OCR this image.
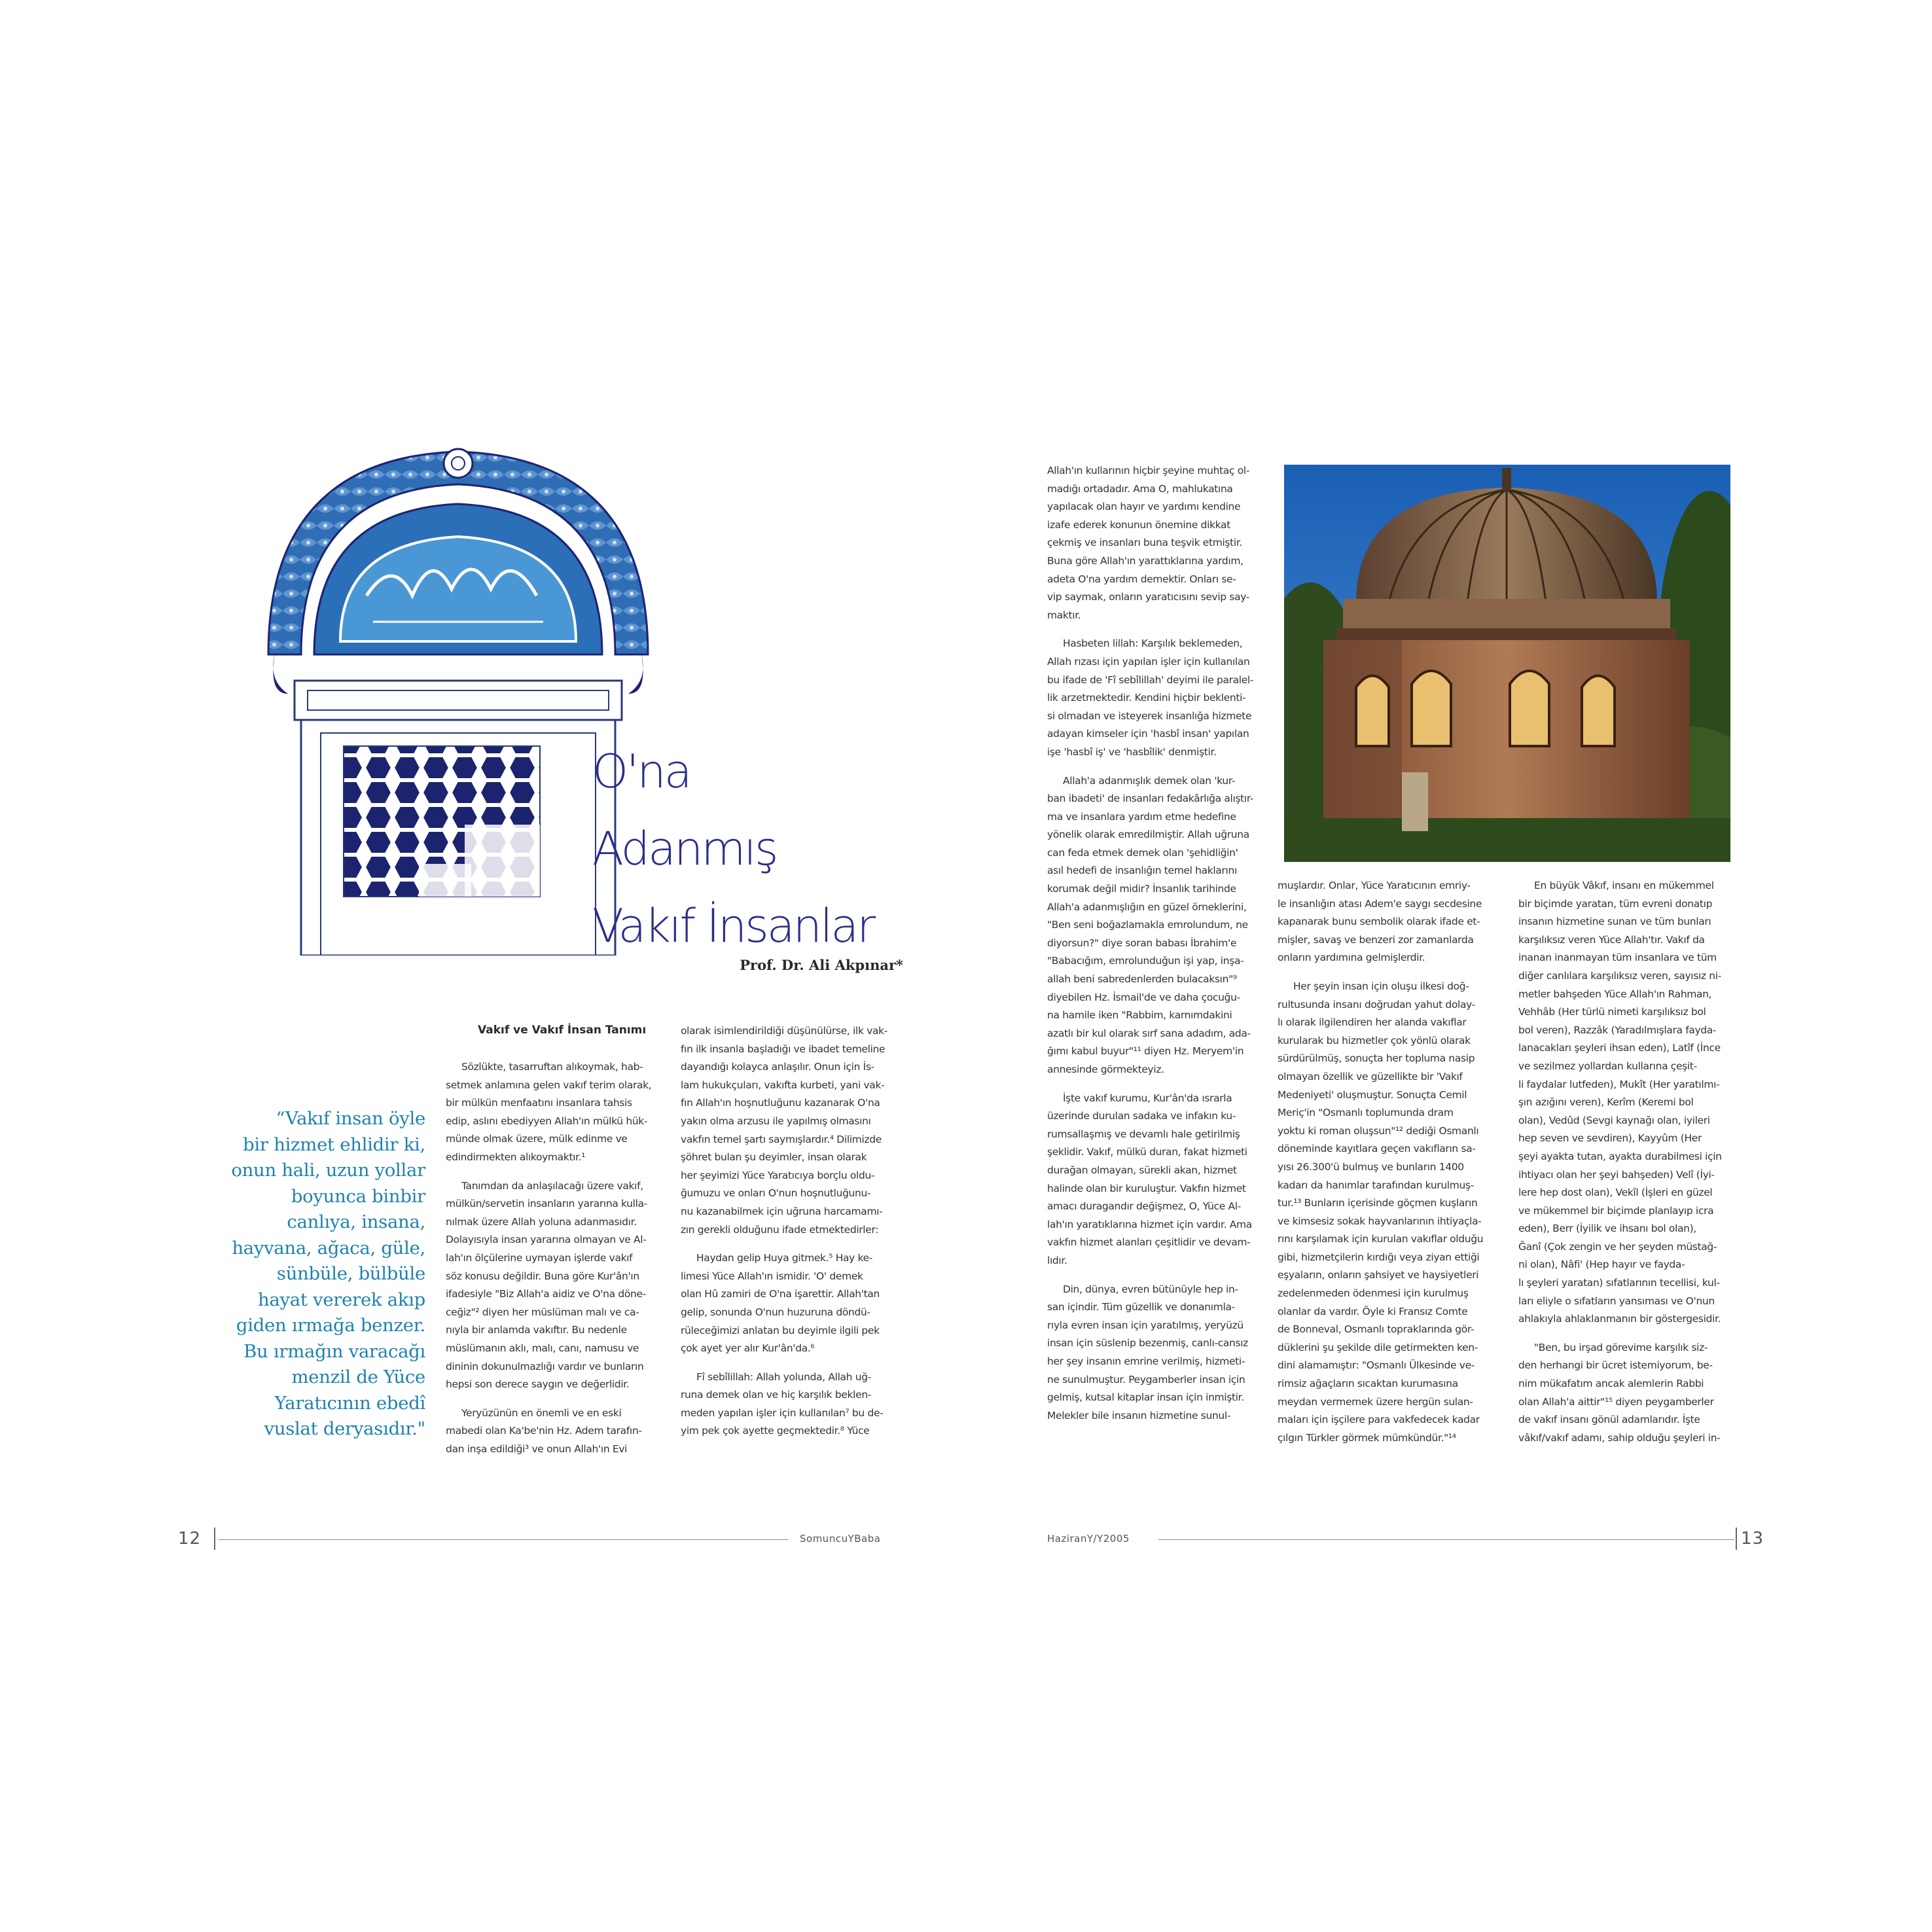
O'na
Adanmış
Vakıf İnsanlar
Prof. Dr. Ali Akpınar*
“Vakıf insan öyle
bir hizmet ehlidir ki,
onun hali, uzun yollar
boyunca binbir
canlıya, insana,
hayvana, ağaca, güle,
sünbüle, bülbüle
hayat vererek akıp
giden ırmağa benzer.
Bu ırmağın varacağı
menzil de Yüce
Yaratıcının ebedî
vuslat deryasıdır."
Vakıf ve Vakıf İnsan Tanımı
Sözlükte, tasarruftan alıkoymak, hab-
setmek anlamına gelen vakıf terim olarak,
bir mülkün menfaatını insanlara tahsis
edip, aslını ebediyyen Allah'ın mülkü hük-
münde olmak üzere, mülk edinme ve
edindirmekten alıkoymaktır.¹
Tanımdan da anlaşılacağı üzere vakıf,
mülkün/servetin insanların yararına kulla-
nılmak üzere Allah yoluna adanmasıdır.
Dolayısıyla insan yararına olmayan ve Al-
lah'ın ölçülerine uymayan işlerde vakıf
söz konusu değildir. Buna göre Kur'ân'ın
ifadesiyle "Biz Allah'a aidiz ve O'na döne-
ceğiz"² diyen her müslüman malı ve ca-
nıyla bir anlamda vakıftır. Bu nedenle
müslümanın aklı, malı, canı, namusu ve
dininin dokunulmazlığı vardır ve bunların
hepsi son derece saygın ve değerlidir.
Yeryüzünün en önemli ve en eski
mabedi olan Ka'be'nin Hz. Adem tarafın-
dan inşa edildiği³ ve onun Allah'ın Evi
olarak isimlendirildiği düşünülürse, ilk vak-
fın ilk insanla başladığı ve ibadet temeline
dayandığı kolayca anlaşılır. Onun için İs-
lam hukukçuları, vakıfta kurbeti, yani vak-
fın Allah'ın hoşnutluğunu kazanarak O'na
yakın olma arzusu ile yapılmış olmasını
vakfın temel şartı saymışlardır.⁴ Dilimizde
şöhret bulan şu deyimler, insan olarak
her şeyimizi Yüce Yaratıcıya borçlu oldu-
ğumuzu ve onları O'nun hoşnutluğunu-
nu kazanabilmek için uğruna harcamamı-
zın gerekli olduğunu ifade etmektedirler:
Haydan gelip Huya gitmek.⁵ Hay ke-
limesi Yüce Allah'ın ismidir. 'O' demek
olan Hû zamiri de O'na işarettir. Allah'tan
gelip, sonunda O'nun huzuruna döndü-
rüleceğimizi anlatan bu deyimle ilgili pek
çok ayet yer alır Kur'ân'da.⁶
Fî sebîlillah: Allah yolunda, Allah uğ-
runa demek olan ve hiç karşılık beklen-
meden yapılan işler için kullanılan⁷ bu de-
yim pek çok ayette geçmektedir.⁸ Yüce
Allah'ın kullarının hiçbir şeyine muhtaç ol-
madığı ortadadır. Ama O, mahlukatına
yapılacak olan hayır ve yardımı kendine
izafe ederek konunun önemine dikkat
çekmiş ve insanları buna teşvik etmiştir.
Buna göre Allah'ın yarattıklarına yardım,
adeta O'na yardım demektir. Onları se-
vip saymak, onların yaratıcısını sevip say-
maktır.
Hasbeten lillah: Karşılık beklemeden,
Allah rızası için yapılan işler için kullanılan
bu ifade de 'Fî sebîlillah' deyimi ile paralel-
lik arzetmektedir. Kendini hiçbir beklenti-
si olmadan ve isteyerek insanlığa hizmete
adayan kimseler için 'hasbî insan' yapılan
işe 'hasbî iş' ve 'hasbîlik' denmiştir.
Allah'a adanmışlık demek olan 'kur-
ban ibadeti' de insanları fedakârlığa alıştır-
ma ve insanlara yardım etme hedefine
yönelik olarak emredilmiştir. Allah uğruna
can feda etmek demek olan 'şehidliğin'
asıl hedefi de insanlığın temel haklarını
korumak değil midir? İnsanlık tarihinde
Allah'a adanmışlığın en güzel örneklerini,
"Ben seni boğazlamakla emrolundum, ne
diyorsun?" diye soran babası İbrahim'e
"Babacığım, emrolunduğun işi yap, inşa-
allah beni sabredenlerden bulacaksın"⁹
diyebilen Hz. İsmail'de ve daha çocuğu-
na hamile iken "Rabbim, karnımdakini
azatlı bir kul olarak sırf sana adadım, ada-
ğımı kabul buyur"¹¹ diyen Hz. Meryem'in
annesinde görmekteyiz.
İşte vakıf kurumu, Kur'ân'da ısrarla
üzerinde durulan sadaka ve infakın ku-
rumsallaşmış ve devamlı hale getirilmiş
şeklidir. Vakıf, mülkü duran, fakat hizmeti
durağan olmayan, sürekli akan, hizmet
halinde olan bir kuruluştur. Vakfın hizmet
amacı duragandır değişmez, O, Yüce Al-
lah'ın yaratıklarına hizmet için vardır. Ama
vakfın hizmet alanları çeşitlidir ve devam-
lıdır.
Din, dünya, evren bütünüyle hep in-
san içindir. Tüm güzellik ve donanımla-
rıyla evren insan için yaratılmış, yeryüzü
insan için süslenip bezenmiş, canlı-cansız
her şey insanın emrine verilmiş, hizmeti-
ne sunulmuştur. Peygamberler insan için
gelmiş, kutsal kitaplar insan için inmiştir.
Melekler bile insanın hizmetine sunul-
muşlardır. Onlar, Yüce Yaratıcının emriy-
le insanlığın atası Adem'e saygı secdesine
kapanarak bunu sembolik olarak ifade et-
mişler, savaş ve benzeri zor zamanlarda
onların yardımına gelmişlerdir.
Her şeyin insan için oluşu ilkesi doğ-
rultusunda insanı doğrudan yahut dolay-
lı olarak ilgilendiren her alanda vakıflar
kurularak bu hizmetler çok yönlü olarak
sürdürülmüş, sonuçta her topluma nasip
olmayan özellik ve güzellikte bir 'Vakıf
Medeniyeti' oluşmuştur. Sonuçta Cemil
Meriç'in "Osmanlı toplumunda dram
yoktu ki roman oluşsun"¹² dediği Osmanlı
döneminde kayıtlara geçen vakıfların sa-
yısı 26.300'ü bulmuş ve bunların 1400
kadarı da hanımlar tarafından kurulmuş-
tur.¹³ Bunların içerisinde göçmen kuşların
ve kimsesiz sokak hayvanlarının ihtiyaçla-
rını karşılamak için kurulan vakıflar olduğu
gibi, hizmetçilerin kırdığı veya ziyan ettiği
eşyaların, onların şahsiyet ve haysiyetleri
zedelenmeden ödenmesi için kurulmuş
olanlar da vardır. Öyle ki Fransız Comte
de Bonneval, Osmanlı topraklarında gör-
düklerini şu şekilde dile getirmekten ken-
dini alamamıştır: "Osmanlı Ülkesinde ve-
rimsiz ağaçların sıcaktan kurumasına
meydan vermemek üzere hergün sulan-
maları için işçilere para vakfedecek kadar
çılgın Türkler görmek mümkündür."¹⁴
En büyük Vâkıf, insanı en mükemmel
bir biçimde yaratan, tüm evreni donatıp
insanın hizmetine sunan ve tüm bunları
karşılıksız veren Yüce Allah'tır. Vakıf da
inanan inanmayan tüm insanlara ve tüm
diğer canlılara karşılıksız veren, sayısız ni-
metler bahşeden Yüce Allah'ın Rahman,
Vehhâb (Her türlü nimeti karşılıksız bol
bol veren), Razzâk (Yaradılmışlara fayda-
lanacakları şeyleri ihsan eden), Latîf (İnce
ve sezilmez yollardan kullarına çeşit-
li faydalar lutfeden), Mukît (Her yaratılmı-
şın azığını veren), Kerîm (Keremi bol
olan), Vedûd (Sevgi kaynağı olan, iyileri
hep seven ve sevdiren), Kayyûm (Her
şeyi ayakta tutan, ayakta durabilmesi için
ihtiyacı olan her şeyi bahşeden) Velî (İyi-
lere hep dost olan), Vekîl (İşleri en güzel
ve mükemmel bir biçimde planlayıp icra
eden), Berr (İyilik ve ihsanı bol olan),
Ğanî (Çok zengin ve her şeyden müstağ-
ni olan), Nâfi' (Hep hayır ve fayda-
lı şeyleri yaratan) sıfatlarının tecellisi, kul-
ları eliyle o sıfatların yansıması ve O'nun
ahlakıyla ahlaklanmanın bir göstergesidir.
"Ben, bu irşad görevime karşılık siz-
den herhangi bir ücret istemiyorum, be-
nim mükafatım ancak alemlerin Rabbi
olan Allah'a aittir"¹⁵ diyen peygamberler
de vakıf insanı gönül adamlarıdır. İşte
vâkıf/vakıf adamı, sahip olduğu şeyleri in-
12	SomuncuYBaba	HaziranY/Y2005	13
